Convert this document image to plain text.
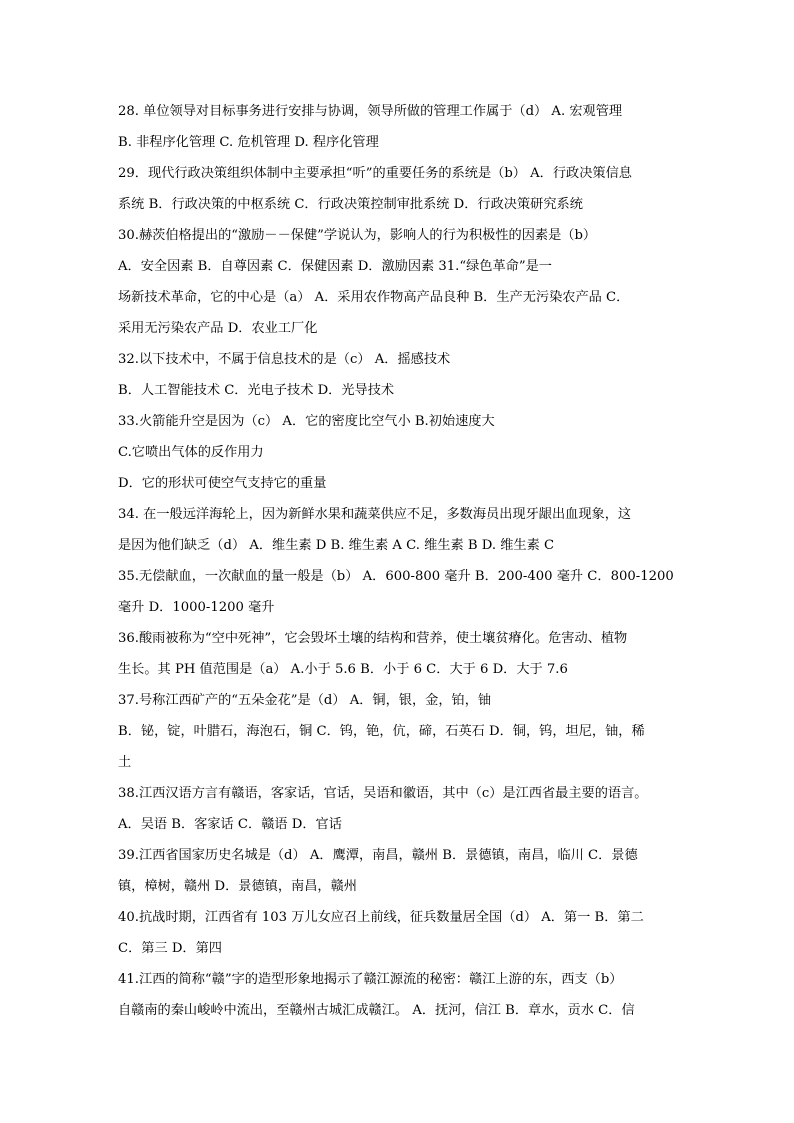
28. 单位领导对目标事务进行安排与协调，领导所做的管理工作属于（d） A. 宏观管理
B. 非程序化管理 C. 危机管理 D. 程序化管理
29．现代行政决策组织体制中主要承担“听”的重要任务的系统是（b） A．行政决策信息
系统 B．行政决策的中枢系统 C．行政决策控制审批系统 D．行政决策研究系统
30.赫茨伯格提出的“激励－－保健”学说认为，影响人的行为积极性的因素是（b）
A．安全因素 B．自尊因素 C．保健因素 D．激励因素 31.“绿色革命”是一
场新技术革命，它的中心是（a） A．采用农作物高产品良种 B．生产无污染农产品 C．
采用无污染农产品 D．农业工厂化
32.以下技术中，不属于信息技术的是（c） A．摇感技术
B．人工智能技术 C．光电子技术 D．光导技术
33.火箭能升空是因为（c） A．它的密度比空气小 B.初始速度大
C.它喷出气体的反作用力
D．它的形状可使空气支持它的重量
34. 在一般远洋海轮上，因为新鲜水果和蔬菜供应不足，多数海员出现牙龈出血现象，这
是因为他们缺乏（d） A．维生素 D B. 维生素 A C. 维生素 B D. 维生素 C
35.无偿献血，一次献血的量一般是（b） A．600-800 毫升 B．200-400 毫升 C．800-1200
毫升 D．1000-1200 毫升
36.酸雨被称为“空中死神”，它会毁坏土壤的结构和营养，使土壤贫瘠化。危害动、植物
生长。其 PH 值范围是（a） A.小于 5.6 B．小于 6 C．大于 6 D．大于 7.6
37.号称江西矿产的“五朵金花”是（d） A．铜，银，金，铂，铀
B．铋，锭，叶腊石，海泡石，铜 C．钨，铯，伉，碲，石英石 D．铜，钨，坦尼，铀，稀
土
38.江西汉语方言有赣语，客家话，官话，吴语和徽语，其中（c）是江西省最主要的语言。
A．吴语 B．客家话 C．赣语 D．官话
39.江西省国家历史名城是（d） A．鹰潭，南昌，赣州 B．景德镇，南昌，临川 C．景德
镇，樟树，赣州 D．景德镇，南昌，赣州
40.抗战时期，江西省有 103 万儿女应召上前线，征兵数量居全国（d） A．第一 B．第二
C．第三 D．第四
41.江西的简称“赣”字的造型形象地揭示了赣江源流的秘密：赣江上游的东，西支（b）
自赣南的秦山峻岭中流出，至赣州古城汇成赣江。 A．抚河，信江 B．章水，贡水 C．信
